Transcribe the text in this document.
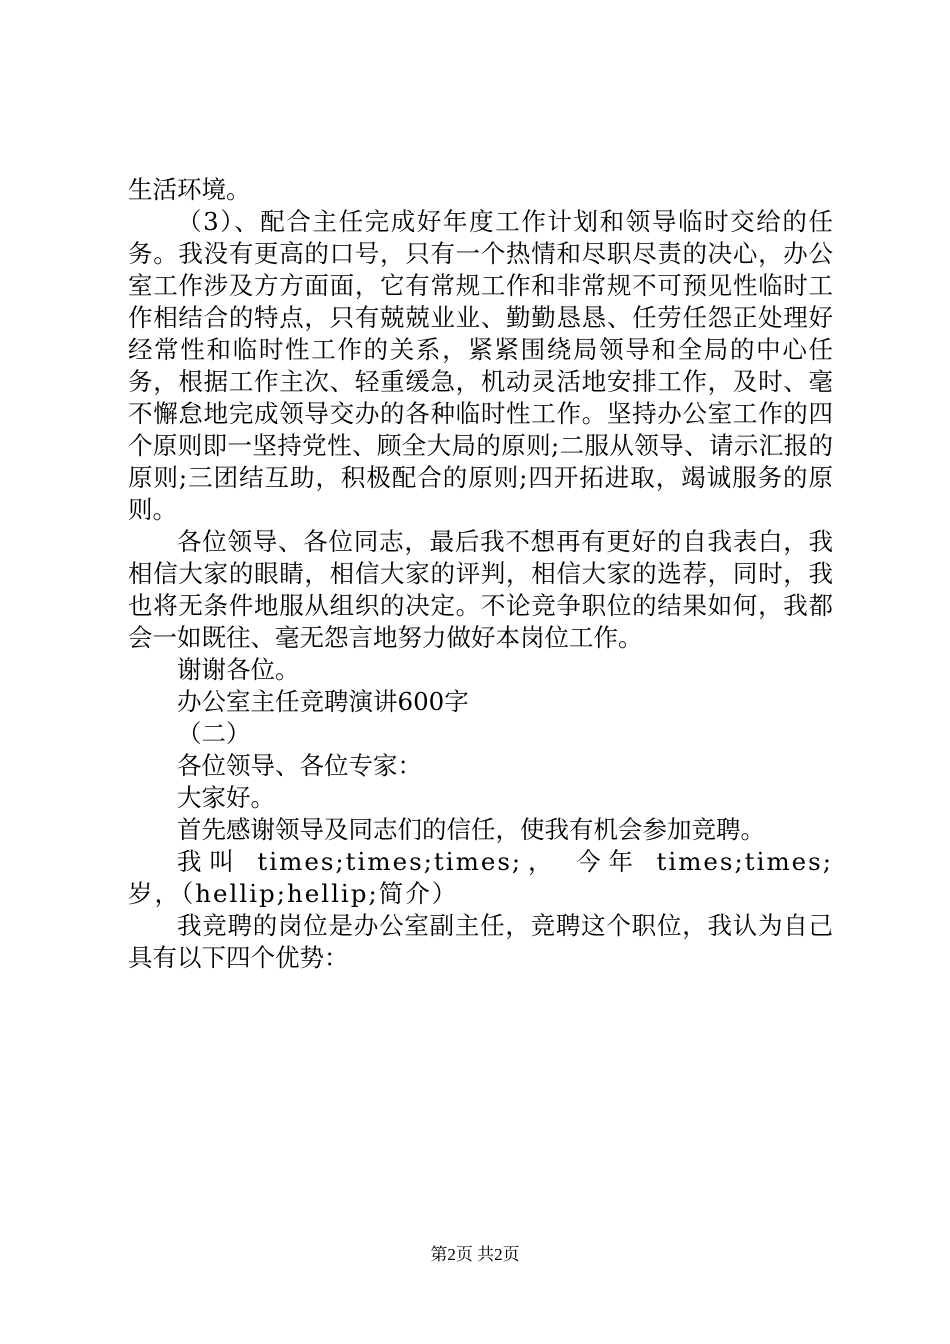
生活环境。

（3）、配合主任完成好年度工作计划和领导临时交给的任务。我没有更高的口号，只有一个热情和尽职尽责的决心，办公室工作涉及方方面面，它有常规工作和非常规不可预见性临时工作相结合的特点，只有兢兢业业、勤勤恳恳、任劳任怨正处理好经常性和临时性工作的关系，紧紧围绕局领导和全局的中心任务，根据工作主次、轻重缓急，机动灵活地安排工作，及时、毫不懈怠地完成领导交办的各种临时性工作。坚持办公室工作的四个原则即一坚持党性、顾全大局的原则;二服从领导、请示汇报的原则;三团结互助，积极配合的原则;四开拓进取，竭诚服务的原则。

各位领导、各位同志，最后我不想再有更好的自我表白，我相信大家的眼睛，相信大家的评判，相信大家的选荐，同时，我也将无条件地服从组织的决定。不论竞争职位的结果如何，我都会一如既往、毫无怨言地努力做好本岗位工作。

谢谢各位。

办公室主任竞聘演讲600字

（二）

各位领导、各位专家：

大家好。

首先感谢领导及同志们的信任，使我有机会参加竞聘。

我叫 times;times;times;， 今年 times;times; 岁，（hellip;hellip;简介）

我竞聘的岗位是办公室副主任，竞聘这个职位，我认为自己具有以下四个优势：

第2页 共2页
